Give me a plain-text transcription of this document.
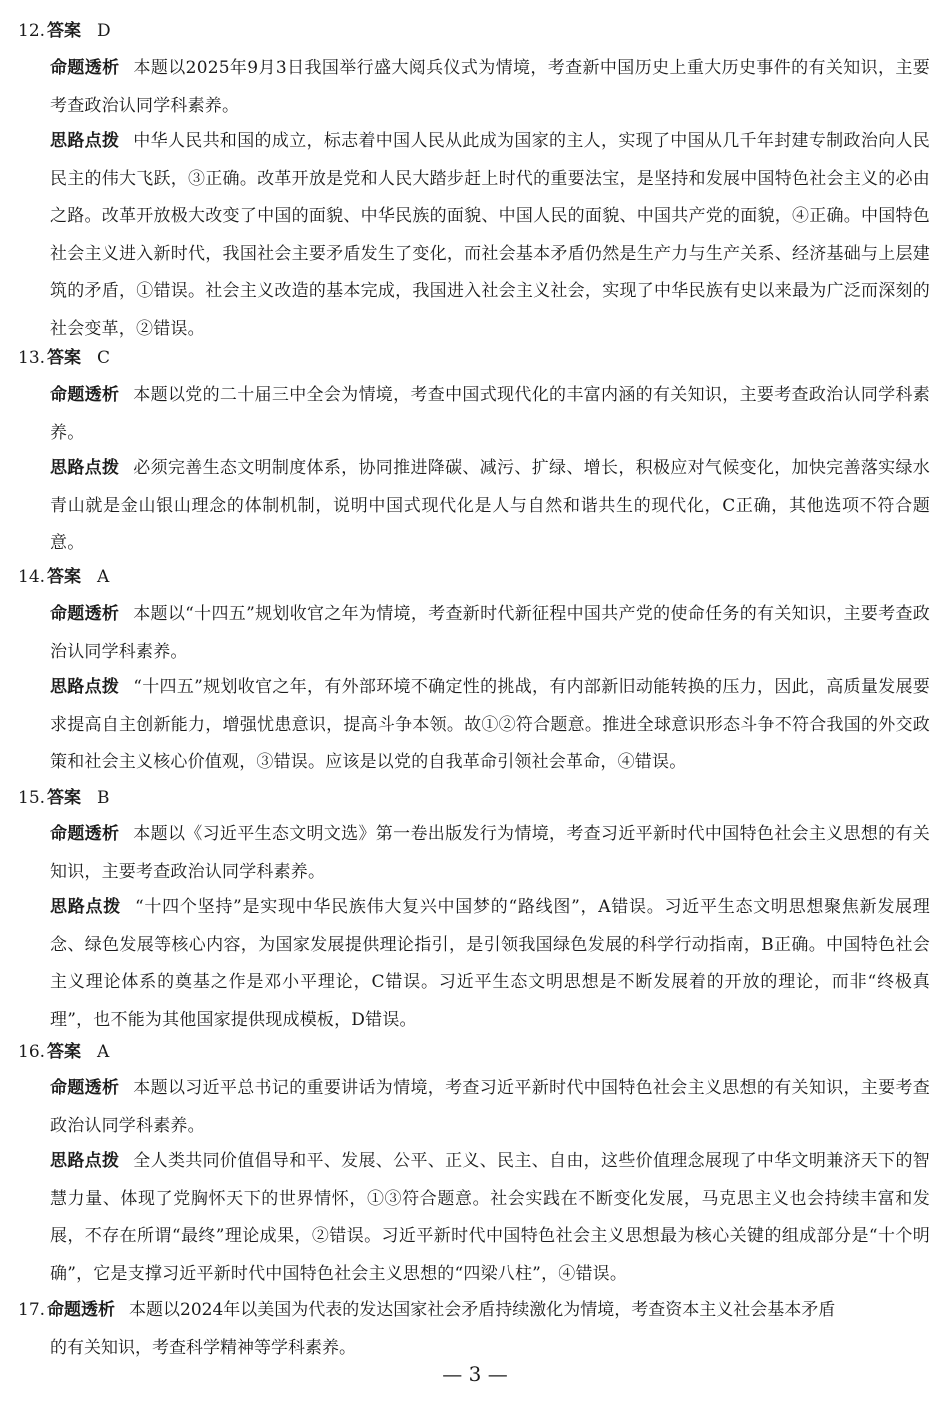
12. 答案 D
命题透析 本题以2025年9月3日我国举行盛大阅兵仪式为情境，考查新中国历史上重大历史事件的有关知识，主要考查政治认同学科素养。
思路点拨 中华人民共和国的成立，标志着中国人民从此成为国家的主人，实现了中国从几千年封建专制政治向人民民主的伟大飞跃，③正确。改革开放是党和人民大踏步赶上时代的重要法宝，是坚持和发展中国特色社会主义的必由之路。改革开放极大改变了中国的面貌、中华民族的面貌、中国人民的面貌、中国共产党的面貌，④正确。中国特色社会主义进入新时代，我国社会主要矛盾发生了变化，而社会基本矛盾仍然是生产力与生产关系、经济基础与上层建筑的矛盾，①错误。社会主义改造的基本完成，我国进入社会主义社会，实现了中华民族有史以来最为广泛而深刻的社会变革，②错误。
13. 答案 C
命题透析 本题以党的二十届三中全会为情境，考查中国式现代化的丰富内涵的有关知识，主要考查政治认同学科素养。
思路点拨 必须完善生态文明制度体系，协同推进降碳、减污、扩绿、增长，积极应对气候变化，加快完善落实绿水青山就是金山银山理念的体制机制，说明中国式现代化是人与自然和谐共生的现代化，C正确，其他选项不符合题意。
14. 答案 A
命题透析 本题以“十四五”规划收官之年为情境，考查新时代新征程中国共产党的使命任务的有关知识，主要考查政治认同学科素养。
思路点拨 “十四五”规划收官之年，有外部环境不确定性的挑战，有内部新旧动能转换的压力，因此，高质量发展要求提高自主创新能力，增强忧患意识，提高斗争本领。故①②符合题意。推进全球意识形态斗争不符合我国的外交政策和社会主义核心价值观，③错误。应该是以党的自我革命引领社会革命，④错误。
15. 答案 B
命题透析 本题以《习近平生态文明文选》第一卷出版发行为情境，考查习近平新时代中国特色社会主义思想的有关知识，主要考查政治认同学科素养。
思路点拨 “十四个坚持”是实现中华民族伟大复兴中国梦的“路线图”，A错误。习近平生态文明思想聚焦新发展理念、绿色发展等核心内容，为国家发展提供理论指引，是引领我国绿色发展的科学行动指南，B正确。中国特色社会主义理论体系的奠基之作是邓小平理论，C错误。习近平生态文明思想是不断发展着的开放的理论，而非“终极真理”，也不能为其他国家提供现成模板，D错误。
16. 答案 A
命题透析 本题以习近平总书记的重要讲话为情境，考查习近平新时代中国特色社会主义思想的有关知识，主要考查政治认同学科素养。
思路点拨 全人类共同价值倡导和平、发展、公平、正义、民主、自由，这些价值理念展现了中华文明兼济天下的智慧力量、体现了党胸怀天下的世界情怀，①③符合题意。社会实践在不断变化发展，马克思主义也会持续丰富和发展，不存在所谓“最终”理论成果，②错误。习近平新时代中国特色社会主义思想最为核心关键的组成部分是“十个明确”，它是支撑习近平新时代中国特色社会主义思想的“四梁八柱”，④错误。
17. 命题透析 本题以2024年以美国为代表的发达国家社会矛盾持续激化为情境，考查资本主义社会基本矛盾
的有关知识，考查科学精神等学科素养。
— 3 —
